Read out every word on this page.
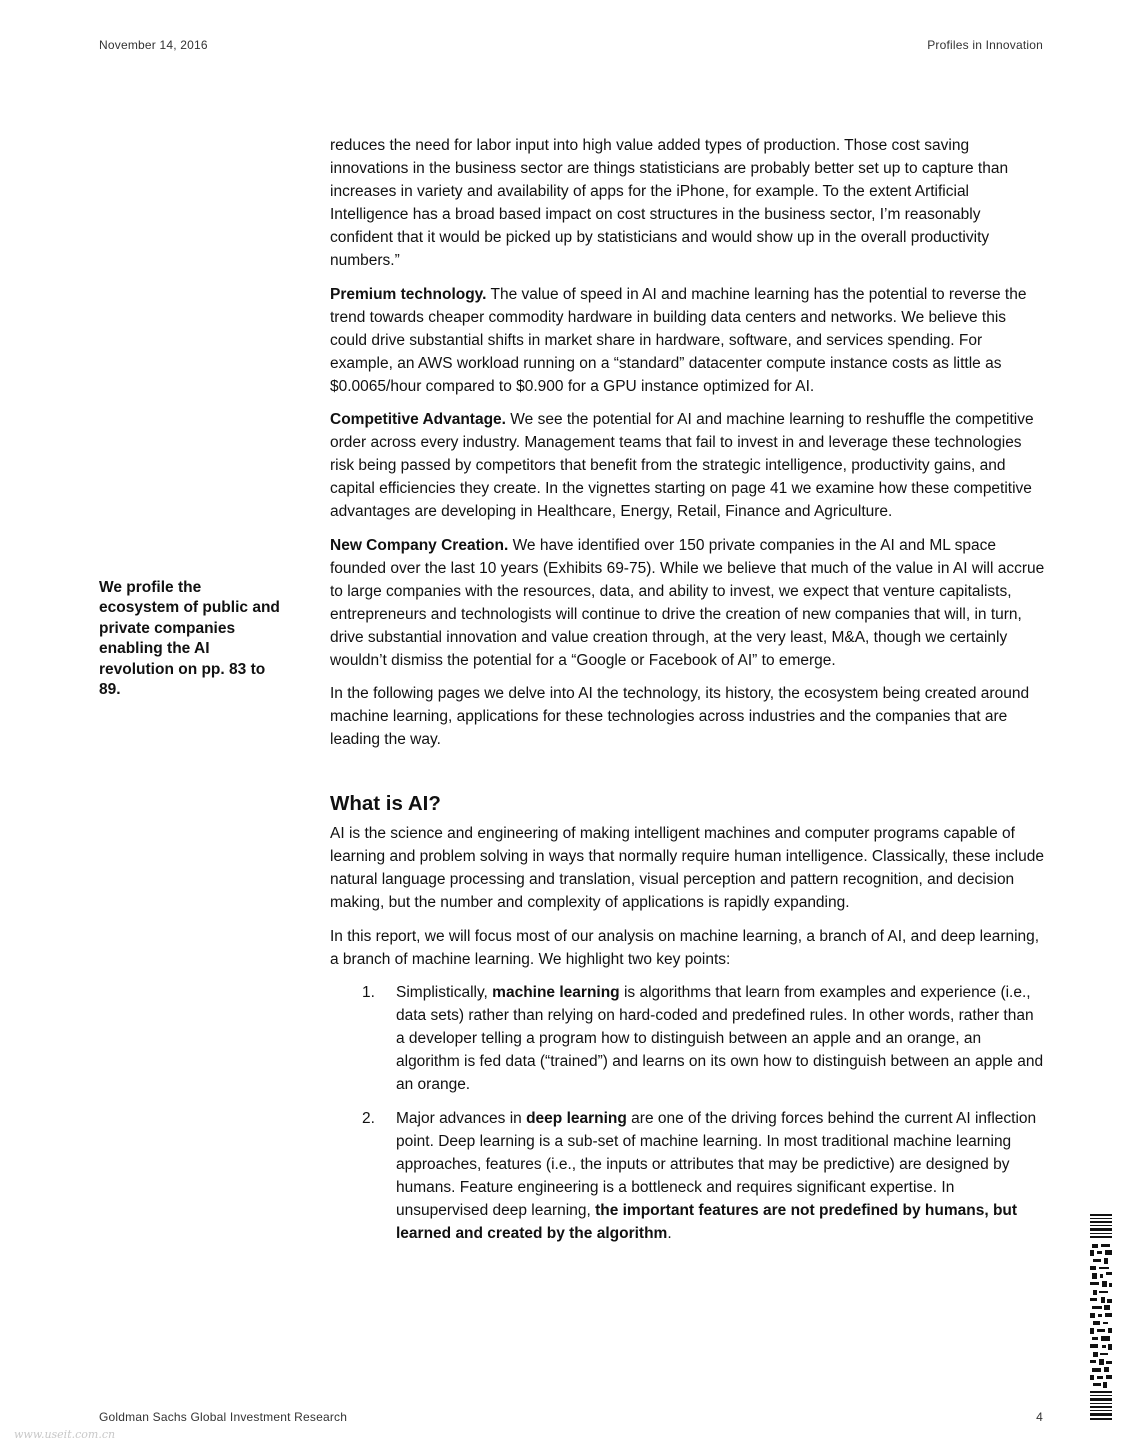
November 14, 2016	Profiles in Innovation
We profile the ecosystem of public and private companies enabling the AI revolution on pp. 83 to 89.

reduces the need for labor input into high value added types of production. Those cost saving innovations in the business sector are things statisticians are probably better set up to capture than increases in variety and availability of apps for the iPhone, for example. To the extent Artificial Intelligence has a broad based impact on cost structures in the business sector, I’m reasonably confident that it would be picked up by statisticians and would show up in the overall productivity numbers.”

Premium technology. The value of speed in AI and machine learning has the potential to reverse the trend towards cheaper commodity hardware in building data centers and networks. We believe this could drive substantial shifts in market share in hardware, software, and services spending. For example, an AWS workload running on a “standard” datacenter compute instance costs as little as $0.0065/hour compared to $0.900 for a GPU instance optimized for AI.

Competitive Advantage. We see the potential for AI and machine learning to reshuffle the competitive order across every industry. Management teams that fail to invest in and leverage these technologies risk being passed by competitors that benefit from the strategic intelligence, productivity gains, and capital efficiencies they create. In the vignettes starting on page 41 we examine how these competitive advantages are developing in Healthcare, Energy, Retail, Finance and Agriculture.

New Company Creation. We have identified over 150 private companies in the AI and ML space founded over the last 10 years (Exhibits 69-75). While we believe that much of the value in AI will accrue to large companies with the resources, data, and ability to invest, we expect that venture capitalists, entrepreneurs and technologists will continue to drive the creation of new companies that will, in turn, drive substantial innovation and value creation through, at the very least, M&A, though we certainly wouldn’t dismiss the potential for a “Google or Facebook of AI” to emerge.

In the following pages we delve into AI the technology, its history, the ecosystem being created around machine learning, applications for these technologies across industries and the companies that are leading the way.

What is AI?

AI is the science and engineering of making intelligent machines and computer programs capable of learning and problem solving in ways that normally require human intelligence. Classically, these include natural language processing and translation, visual perception and pattern recognition, and decision making, but the number and complexity of applications is rapidly expanding.

In this report, we will focus most of our analysis on machine learning, a branch of AI, and deep learning, a branch of machine learning. We highlight two key points:

1. Simplistically, machine learning is algorithms that learn from examples and experience (i.e., data sets) rather than relying on hard-coded and predefined rules. In other words, rather than a developer telling a program how to distinguish between an apple and an orange, an algorithm is fed data (“trained”) and learns on its own how to distinguish between an apple and an orange.
2. Major advances in deep learning are one of the driving forces behind the current AI inflection point. Deep learning is a sub-set of machine learning. In most traditional machine learning approaches, features (i.e., the inputs or attributes that may be predictive) are designed by humans. Feature engineering is a bottleneck and requires significant expertise. In unsupervised deep learning, the important features are not predefined by humans, but learned and created by the algorithm.
Goldman Sachs Global Investment Research	4
www.useit.com.cn
